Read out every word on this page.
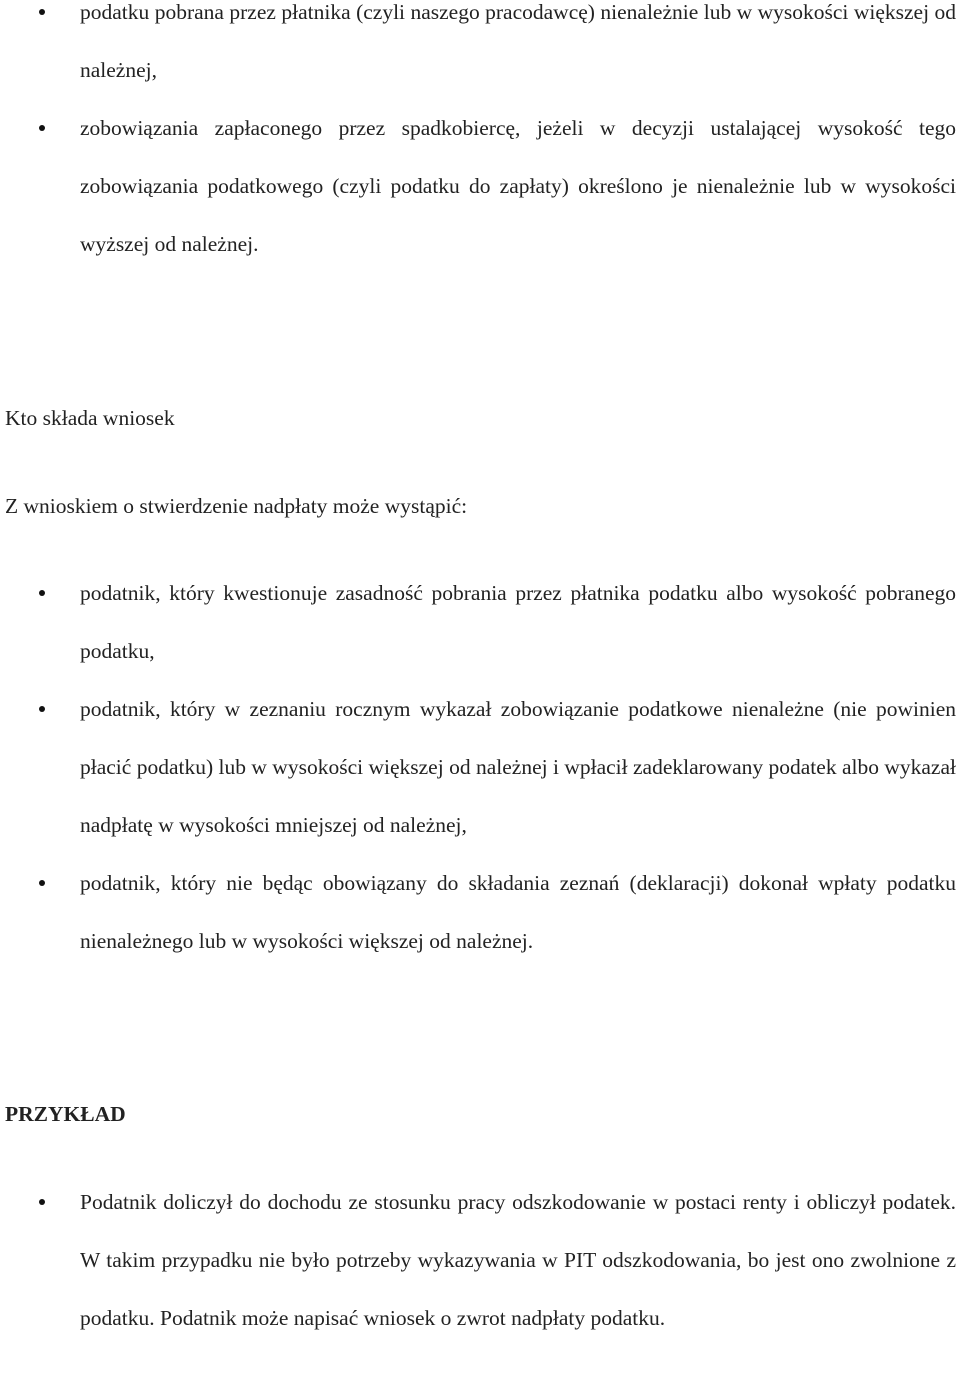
podatku pobrana przez płatnika (czyli naszego pracodawcę) nienależnie lub w wysokości większej od należnej,
zobowiązania zapłaconego przez spadkobiercę, jeżeli w decyzji ustalającej wysokość tego zobowiązania podatkowego (czyli podatku do zapłaty) określono je nienależnie lub w wysokości wyższej od należnej.

Kto składa wniosek

Z wnioskiem o stwierdzenie nadpłaty może wystąpić:

podatnik, który kwestionuje zasadność pobrania przez płatnika podatku albo wysokość pobranego podatku,
podatnik, który w zeznaniu rocznym wykazał zobowiązanie podatkowe nienależne (nie powinien płacić podatku) lub w wysokości większej od należnej i wpłacił zadeklarowany podatek albo wykazał nadpłatę w wysokości mniejszej od należnej,
podatnik, który nie będąc obowiązany do składania zeznań (deklaracji) dokonał wpłaty podatku nienależnego lub w wysokości większej od należnej.

PRZYKŁAD

Podatnik doliczył do dochodu ze stosunku pracy odszkodowanie w postaci renty i obliczył podatek. W takim przypadku nie było potrzeby wykazywania w PIT odszkodowania, bo jest ono zwolnione z podatku. Podatnik może napisać wniosek o zwrot nadpłaty podatku.
